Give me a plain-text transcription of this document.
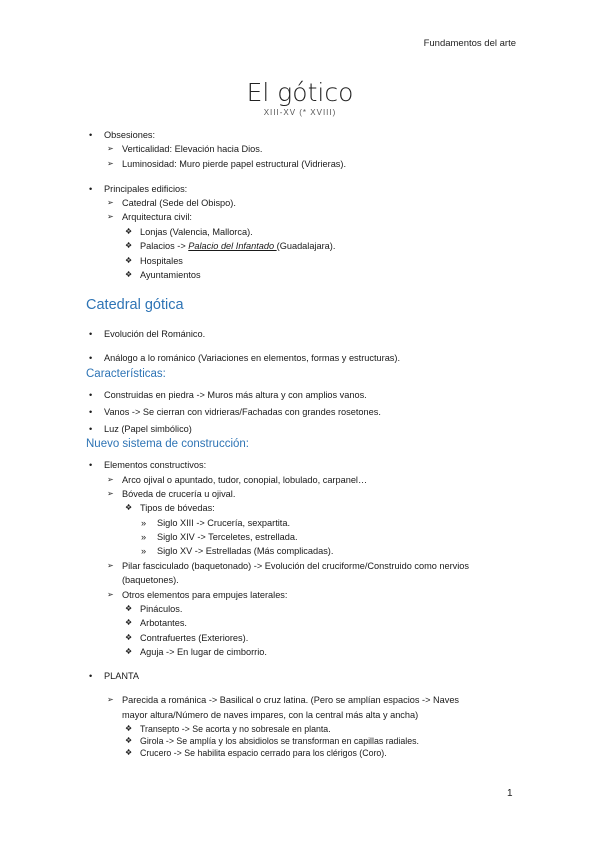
Fundamentos del arte
El gótico
XIII-XV (* XVIII)
• Obsesiones:
➢ Verticalidad: Elevación hacia Dios.
➢ Luminosidad: Muro pierde papel estructural (Vidrieras).
• Principales edificios:
➢ Catedral (Sede del Obispo).
➢ Arquitectura civil:
❖ Lonjas (Valencia, Mallorca).
❖ Palacios -> Palacio del Infantado (Guadalajara).
❖ Hospitales
❖ Ayuntamientos
Catedral gótica
• Evolución del Románico.
• Análogo a lo románico (Variaciones en elementos, formas y estructuras).
Características:
• Construidas en piedra -> Muros más altura y con amplios vanos.
• Vanos -> Se cierran con vidrieras/Fachadas con grandes rosetones.
• Luz (Papel simbólico)
Nuevo sistema de construcción:
• Elementos constructivos:
➢ Arco ojival o apuntado, tudor, conopial, lobulado, carpanel…
➢ Bóveda de crucería u ojival.
❖ Tipos de bóvedas:
» Siglo XIII -> Crucería, sexpartita.
» Siglo XIV -> Terceletes, estrellada.
» Siglo XV -> Estrelladas (Más complicadas).
➢ Pilar fasciculado (baquetonado) -> Evolución del cruciforme/Construido como nervios
(baquetones).
➢ Otros elementos para empujes laterales:
❖ Pináculos.
❖ Arbotantes.
❖ Contrafuertes (Exteriores).
❖ Aguja -> En lugar de cimborrio.
• PLANTA
➢ Parecida a románica -> Basilical o cruz latina. (Pero se amplían espacios -> Naves
mayor altura/Número de naves impares, con la central más alta y ancha)
❖ Transepto -> Se acorta y no sobresale en planta.
❖ Girola -> Se amplía y los absidiolos se transforman en capillas radiales.
❖ Crucero -> Se habilita espacio cerrado para los clérigos (Coro).
1
